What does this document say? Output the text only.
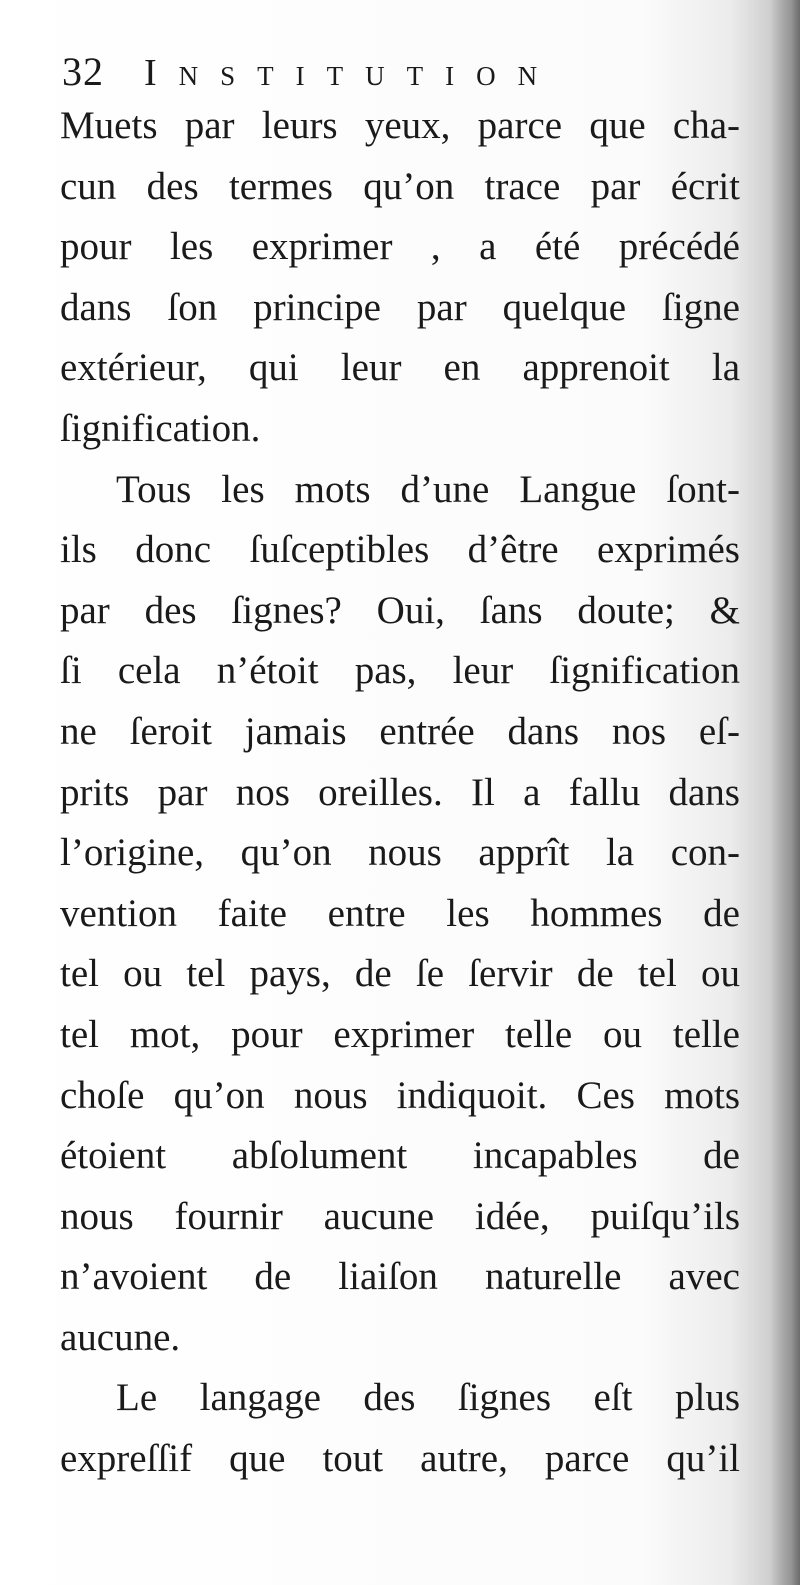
32 Institution
Muets par leurs yeux, parce que cha-
cun des termes qu’on trace par écrit
pour les exprimer , a été précédé
dans ſon principe par quelque ſigne
extérieur, qui leur en apprenoit la
ſignification.
Tous les mots d’une Langue ſont-
ils donc ſuſceptibles d’être exprimés
par des ſignes? Oui, ſans doute; &
ſi cela n’étoit pas, leur ſignification
ne ſeroit jamais entrée dans nos eſ-
prits par nos oreilles. Il a fallu dans
l’origine, qu’on nous apprît la con-
vention faite entre les hommes de
tel ou tel pays, de ſe ſervir de tel ou
tel mot, pour exprimer telle ou telle
choſe qu’on nous indiquoit. Ces mots
étoient abſolument incapables de
nous fournir aucune idée, puiſqu’ils
n’avoient de liaiſon naturelle avec
aucune.
Le langage des ſignes eſt plus
expreſſif que tout autre, parce qu’il
